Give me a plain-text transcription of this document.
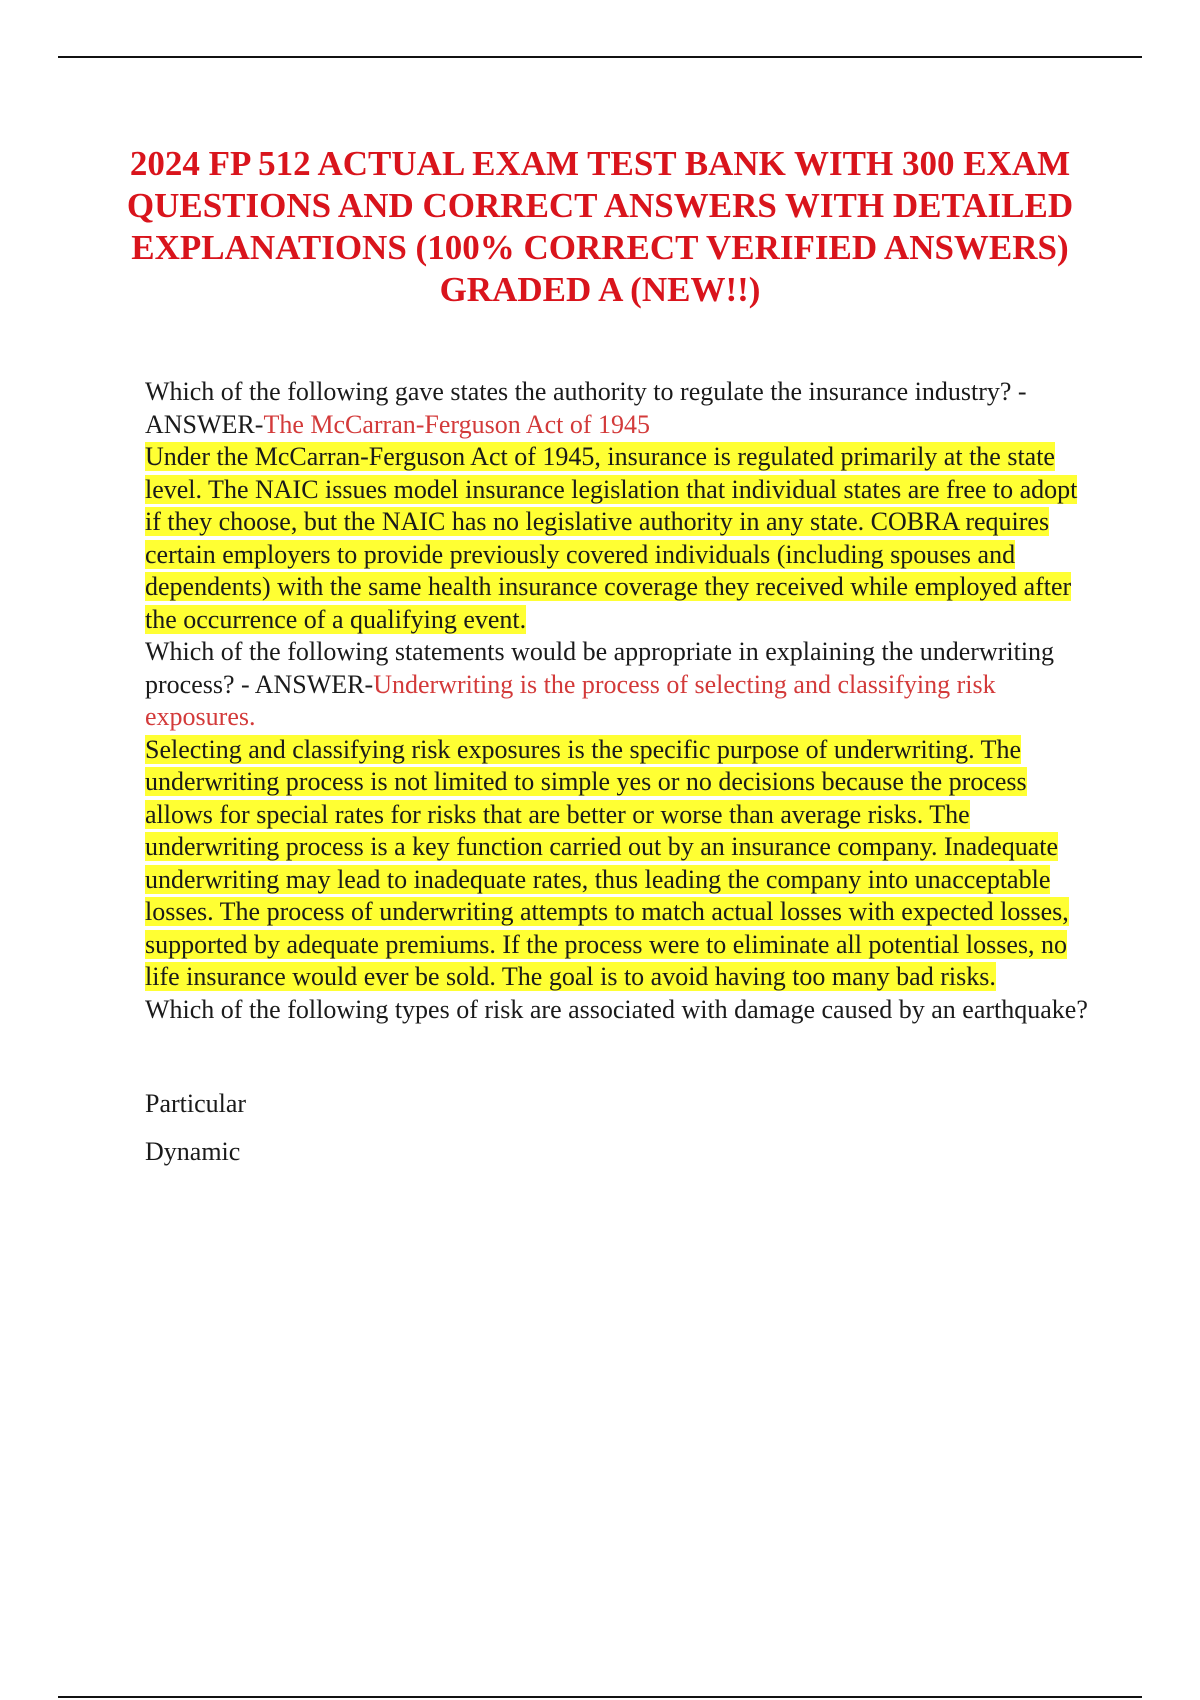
2024 FP 512 ACTUAL EXAM TEST BANK WITH 300 EXAM QUESTIONS AND CORRECT ANSWERS WITH DETAILED EXPLANATIONS (100% CORRECT VERIFIED ANSWERS) GRADED A (NEW!!)

Which of the following gave states the authority to regulate the insurance industry? - ANSWER-The McCarran-Ferguson Act of 1945

Under the McCarran-Ferguson Act of 1945, insurance is regulated primarily at the state level. The NAIC issues model insurance legislation that individual states are free to adopt if they choose, but the NAIC has no legislative authority in any state. COBRA requires certain employers to provide previously covered individuals (including spouses and dependents) with the same health insurance coverage they received while employed after the occurrence of a qualifying event.

Which of the following statements would be appropriate in explaining the underwriting process? - ANSWER-Underwriting is the process of selecting and classifying risk exposures.

Selecting and classifying risk exposures is the specific purpose of underwriting. The underwriting process is not limited to simple yes or no decisions because the process allows for special rates for risks that are better or worse than average risks. The underwriting process is a key function carried out by an insurance company. Inadequate underwriting may lead to inadequate rates, thus leading the company into unacceptable losses. The process of underwriting attempts to match actual losses with expected losses, supported by adequate premiums. If the process were to eliminate all potential losses, no life insurance would ever be sold. The goal is to avoid having too many bad risks.

Which of the following types of risk are associated with damage caused by an earthquake?

Particular

Dynamic
